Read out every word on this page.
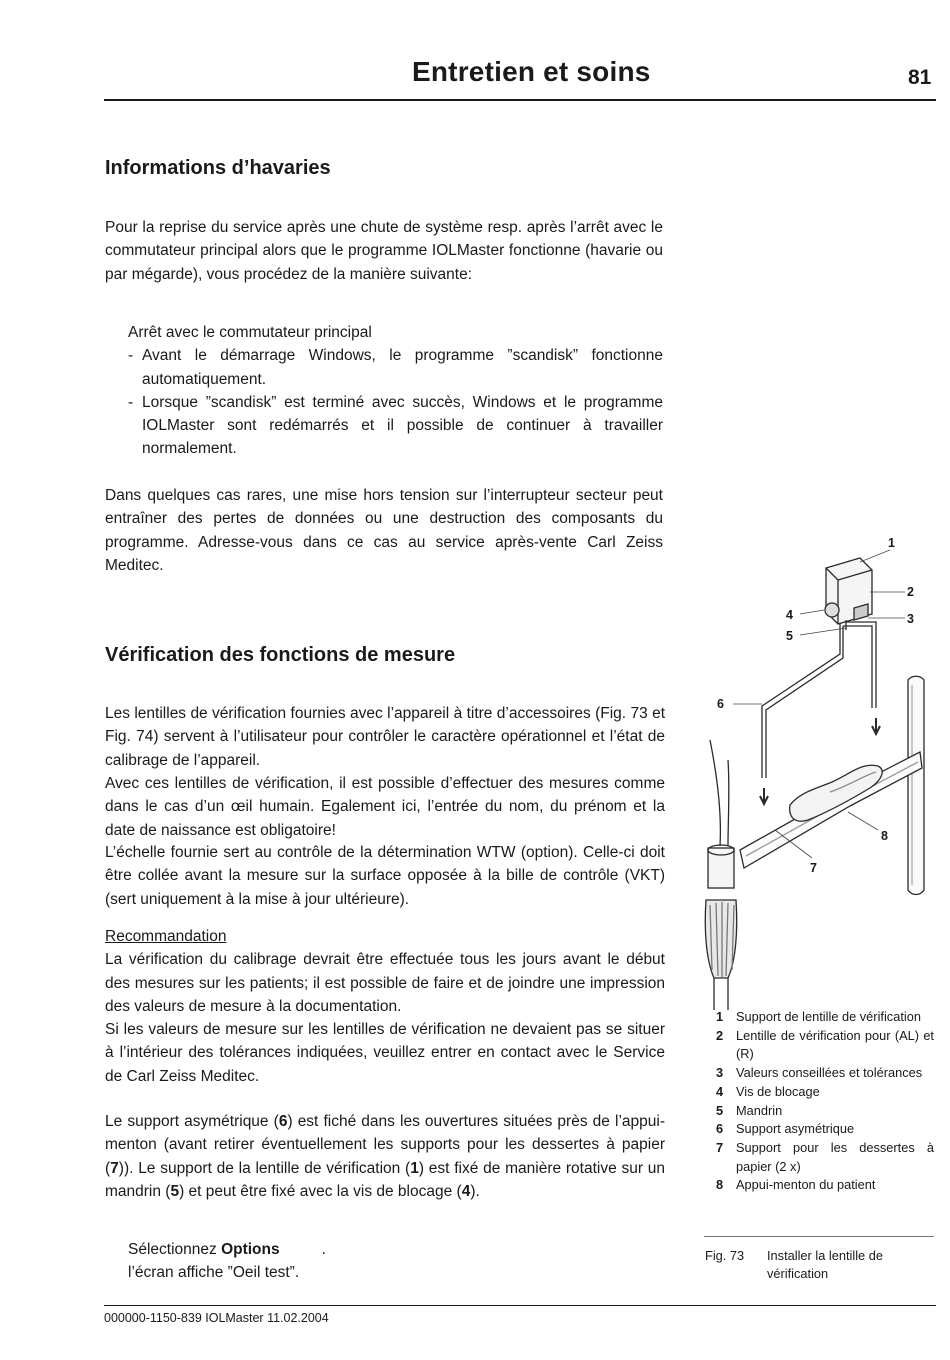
Entretien et soins	81
Informations d’havaries

Pour la reprise du service après une chute de système resp. après l’arrêt avec le commutateur principal alors que le programme IOLMaster fonctionne (havarie ou par mégarde), vous procédez de la manière suivante:

Arrêt avec le commutateur principal
- Avant le démarrage Windows, le programme ”scandisk” fonctionne automatiquement.
- Lorsque ”scandisk” est terminé avec succès, Windows et le programme IOLMaster sont redémarrés et il possible de continuer à travailler normalement.

Dans quelques cas rares, une mise hors tension sur l’interrupteur secteur peut entraîner des pertes de données ou une destruction des composants du programme. Adresse-vous dans ce cas au service après-vente Carl Zeiss Meditec.

Vérification des fonctions de mesure

Les lentilles de vérification fournies avec l’appareil à titre d’accessoires (Fig. 73 et Fig. 74) servent à l’utilisateur pour contrôler le caractère opérationnel et l’état de calibrage de l’appareil.

Avec ces lentilles de vérification, il est possible d’effectuer des mesures comme dans le cas d’un œil humain. Egalement ici, l’entrée du nom, du prénom et la date de naissance est obligatoire!

L’échelle fournie sert au contrôle de la détermination WTW (option). Celle-ci doit être collée avant la mesure sur la surface opposée à la bille de contrôle (VKT) (sert uniquement à la mise à jour ultérieure).

Recommandation
La vérification du calibrage devrait être effectuée tous les jours avant le début des mesures sur les patients; il est possible de faire et de joindre une impression des valeurs de mesure à la documentation.
Si les valeurs de mesure sur les lentilles de vérification ne devaient pas se situer à l’intérieur des tolérances indiquées, veuillez entrer en contact avec le Service de Carl Zeiss Meditec.

Le support asymétrique (6) est fiché dans les ouvertures situées près de l’appui-menton (avant retirer éventuellement les supports pour les dessertes à papier (7)). Le support de la lentille de vérification (1) est fixé de manière rotative sur un mandrin (5) et peut être fixé avec la vis de blocage (4).

Sélectionnez Options	.
l’écran affiche ”Oeil test”.
1
2
3
4
5
6
7
8
1	Support de lentille de vérification
2	Lentille de vérification pour (AL) et (R)
3	Valeurs conseillées et tolérances
4	Vis de blocage
5	Mandrin
6	Support asymétrique
7	Support pour les dessertes à papier (2 x)
8	Appui-menton du patient
Fig. 73	Installer la lentille de vérification
000000-1150-839 IOLMaster 11.02.2004
